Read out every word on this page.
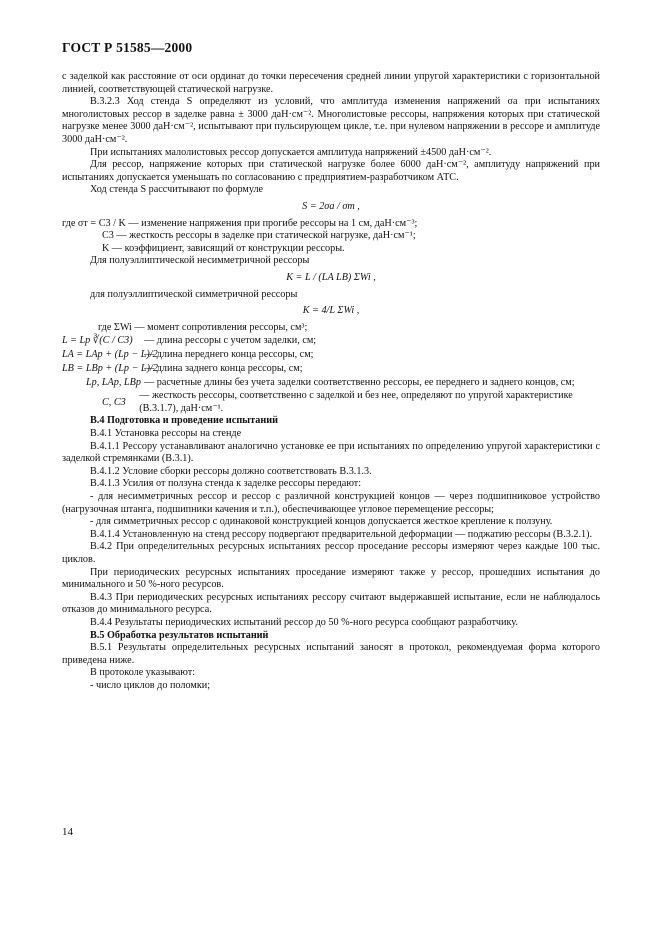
ГОСТ Р 51585—2000

с заделкой как расстояние от оси ординат до точки пересечения средней линии упругой характеристики с горизонтальной линией, соответствующей статической нагрузке.

В.3.2.3 Ход стенда S определяют из условий, что амплитуда изменения напряжений σа при испытаниях многолистовых рессор в заделке равна ± 3000 даН·см⁻². Многолистовые рессоры, напряжения которых при статической нагрузке менее 3000 даН·см⁻², испытывают при пульсирующем цикле, т.е. при нулевом напряжении в рессоре и амплитуде 3000 даН·см⁻².

При испытаниях малолистовых рессор допускается амплитуда напряжений ±4500 даН·см⁻².

Для рессор, напряжение которых при статической нагрузке более 6000 даН·см⁻², амплитуду напряжений при испытаниях допускается уменьшать по согласованию с предприятием-разработчиком АТС.

Ход стенда S рассчитывают по формуле

S = 2σа / σт ,

где σт = С3 / K — изменение напряжения при прогибе рессоры на 1 см, даН·см⁻³;

С3 — жесткость рессоры в заделке при статической нагрузке, даН·см⁻¹;

K — коэффициент, зависящий от конструкции рессоры.

Для полуэллиптической несимметричной рессоры

K = L / (LA LB) ΣWi ,

для полуэллиптической симметричной рессоры

K = 4/L ΣWi ,

где ΣWi — момент сопротивления рессоры, см³;

L = Lр ∛(C / C3)	— длина рессоры с учетом заделки, см;
LA = LAр + (Lр − L)/2
— длина переднего конца рессоры, см;
LB = LBр + (Lр − L)/2
— длина заднего конца рессоры, см;
Lр, LAр, LBр — расчетные длины без учета заделки соответственно рессоры, ее переднего и заднего концов, см;
C, C3
— жесткость рессоры, соответственно с заделкой и без нее, определяют по упругой характеристике (В.3.1.7), даН·см⁻¹.

В.4 Подготовка и проведение испытаний

В.4.1 Установка рессоры на стенде

В.4.1.1 Рессору устанавливают аналогично установке ее при испытаниях по определению упругой характеристики с заделкой стремянками (В.3.1).

В.4.1.2 Условие сборки рессоры должно соответствовать В.3.1.3.

В.4.1.3 Усилия от ползуна стенда к заделке рессоры передают:

- для несимметричных рессор и рессор с различной конструкцией концов — через подшипниковое устройство (нагрузочная штанга, подшипники качения и т.п.), обеспечивающее угловое перемещение рессоры;

- для симметричных рессор с одинаковой конструкцией концов допускается жесткое крепление к ползуну.

В.4.1.4 Установленную на стенд рессору подвергают предварительной деформации — поджатию рессоры (В.3.2.1).

В.4.2 При определительных ресурсных испытаниях рессор проседание рессоры измеряют через каждые 100 тыс. циклов.

При периодических ресурсных испытаниях проседание измеряют также у рессор, прошедших испытания до минимального и 50 %-ного ресурсов.

В.4.3 При периодических ресурсных испытаниях рессору считают выдержавшей испытание, если не наблюдалось отказов до минимального ресурса.

В.4.4 Результаты периодических испытаний рессор до 50 %-ного ресурса сообщают разработчику.

В.5 Обработка результатов испытаний

В.5.1 Результаты определительных ресурсных испытаний заносят в протокол, рекомендуемая форма которого приведена ниже.

В протоколе указывают:

- число циклов до поломки;

14
